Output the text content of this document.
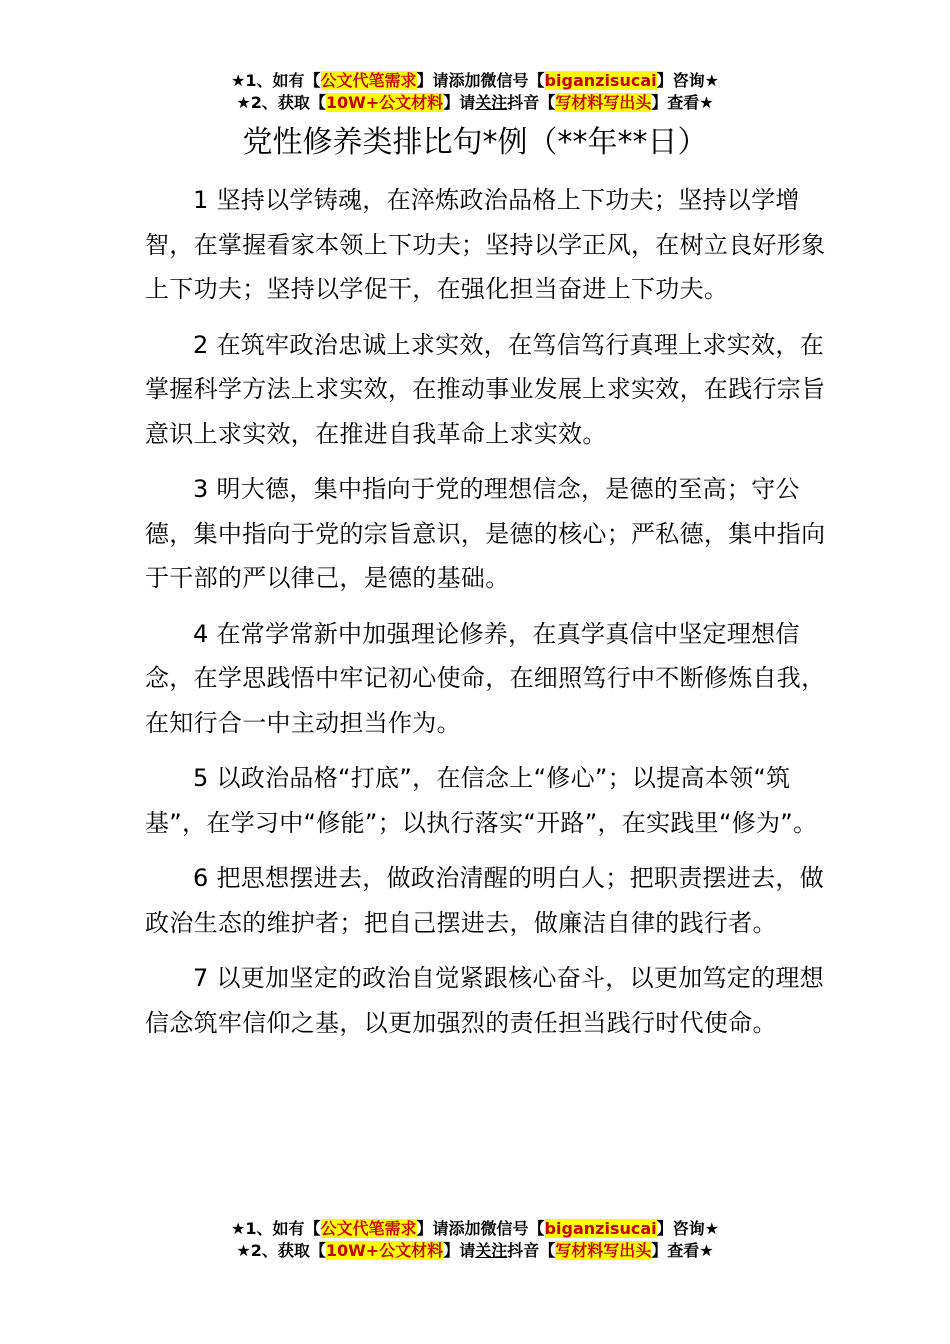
★1、如有【公文代笔需求】请添加微信号【biganzisucai】咨询★
★2、获取【10W+公文材料】请关注抖音【写材料写出头】查看★
党性修养类排比句*例（**年**日）

1 坚持以学铸魂，在淬炼政治品格上下功夫；坚持以学增智，在掌握看家本领上下功夫；坚持以学正风，在树立良好形象上下功夫；坚持以学促干，在强化担当奋进上下功夫。

2 在筑牢政治忠诚上求实效，在笃信笃行真理上求实效，在掌握科学方法上求实效，在推动事业发展上求实效，在践行宗旨意识上求实效，在推进自我革命上求实效。

3 明大德，集中指向于党的理想信念，是德的至高；守公德，集中指向于党的宗旨意识，是德的核心；严私德，集中指向于干部的严以律己，是德的基础。

4 在常学常新中加强理论修养，在真学真信中坚定理想信念，在学思践悟中牢记初心使命，在细照笃行中不断修炼自我，在知行合一中主动担当作为。

5 以政治品格“打底”，在信念上“修心”；以提高本领“筑基”，在学习中“修能”；以执行落实“开路”，在实践里“修为”。

6 把思想摆进去，做政治清醒的明白人；把职责摆进去，做政治生态的维护者；把自己摆进去，做廉洁自律的践行者。

7 以更加坚定的政治自觉紧跟核心奋斗，以更加笃定的理想信念筑牢信仰之基，以更加强烈的责任担当践行时代使命。

★1、如有【公文代笔需求】请添加微信号【biganzisucai】咨询★
★2、获取【10W+公文材料】请关注抖音【写材料写出头】查看★
